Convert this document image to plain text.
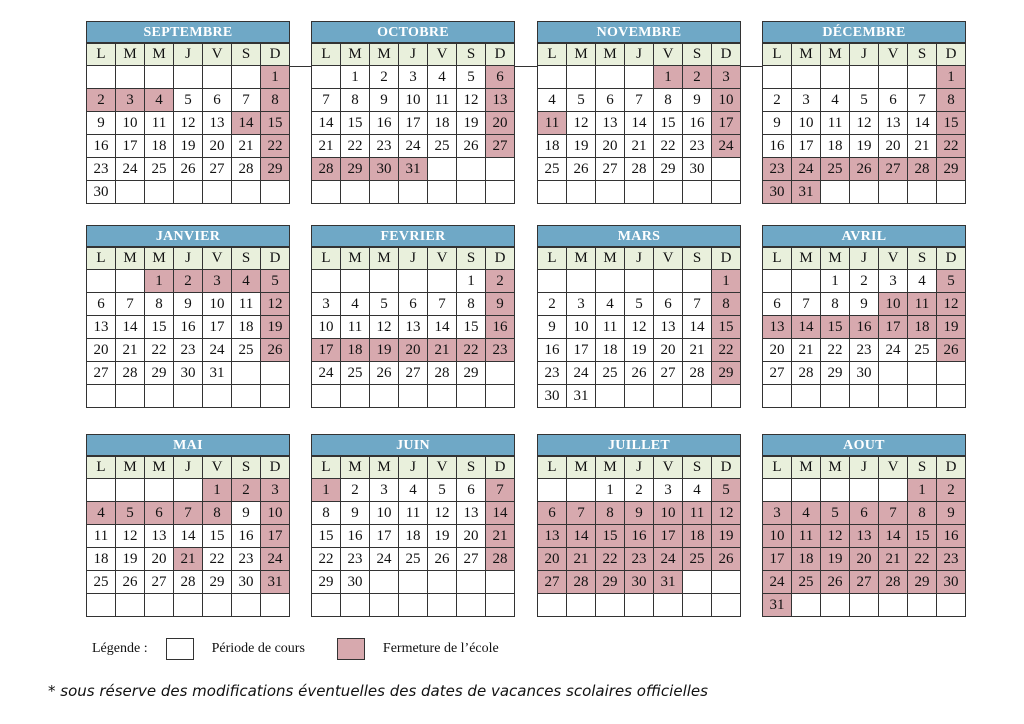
SEPTEMBRE
L	M	M	J	V	S	D
						1
2	3	4	5	6	7	8
9	10	11	12	13	14	15
16	17	18	19	20	21	22
23	24	25	26	27	28	29
30						
OCTOBRE
L	M	M	J	V	S	D
	1	2	3	4	5	6
7	8	9	10	11	12	13
14	15	16	17	18	19	20
21	22	23	24	25	26	27
28	29	30	31			

NOVEMBRE
L	M	M	J	V	S	D
				1	2	3
4	5	6	7	8	9	10
11	12	13	14	15	16	17
18	19	20	21	22	23	24
25	26	27	28	29	30	

DÉCEMBRE
L	M	M	J	V	S	D
						1
2	3	4	5	6	7	8
9	10	11	12	13	14	15
16	17	18	19	20	21	22
23	24	25	26	27	28	29
30	31					
JANVIER
L	M	M	J	V	S	D
		1	2	3	4	5
6	7	8	9	10	11	12
13	14	15	16	17	18	19
20	21	22	23	24	25	26
27	28	29	30	31		

FEVRIER
L	M	M	J	V	S	D
					1	2
3	4	5	6	7	8	9
10	11	12	13	14	15	16
17	18	19	20	21	22	23
24	25	26	27	28	29	

MARS
L	M	M	J	V	S	D
						1
2	3	4	5	6	7	8
9	10	11	12	13	14	15
16	17	18	19	20	21	22
23	24	25	26	27	28	29
30	31					
AVRIL
L	M	M	J	V	S	D
		1	2	3	4	5
6	7	8	9	10	11	12
13	14	15	16	17	18	19
20	21	22	23	24	25	26
27	28	29	30			

MAI
L	M	M	J	V	S	D
				1	2	3
4	5	6	7	8	9	10
11	12	13	14	15	16	17
18	19	20	21	22	23	24
25	26	27	28	29	30	31

JUIN
L	M	M	J	V	S	D
1	2	3	4	5	6	7
8	9	10	11	12	13	14
15	16	17	18	19	20	21
22	23	24	25	26	27	28
29	30					

JUILLET
L	M	M	J	V	S	D
		1	2	3	4	5
6	7	8	9	10	11	12
13	14	15	16	17	18	19
20	21	22	23	24	25	26
27	28	29	30	31		

AOUT
L	M	M	J	V	S	D
					1	2
3	4	5	6	7	8	9
10	11	12	13	14	15	16
17	18	19	20	21	22	23
24	25	26	27	28	29	30
31						
Légende :	Période de cours	Fermeture de l’école
* sous réserve des modifications éventuelles des dates de vacances scolaires officielles
